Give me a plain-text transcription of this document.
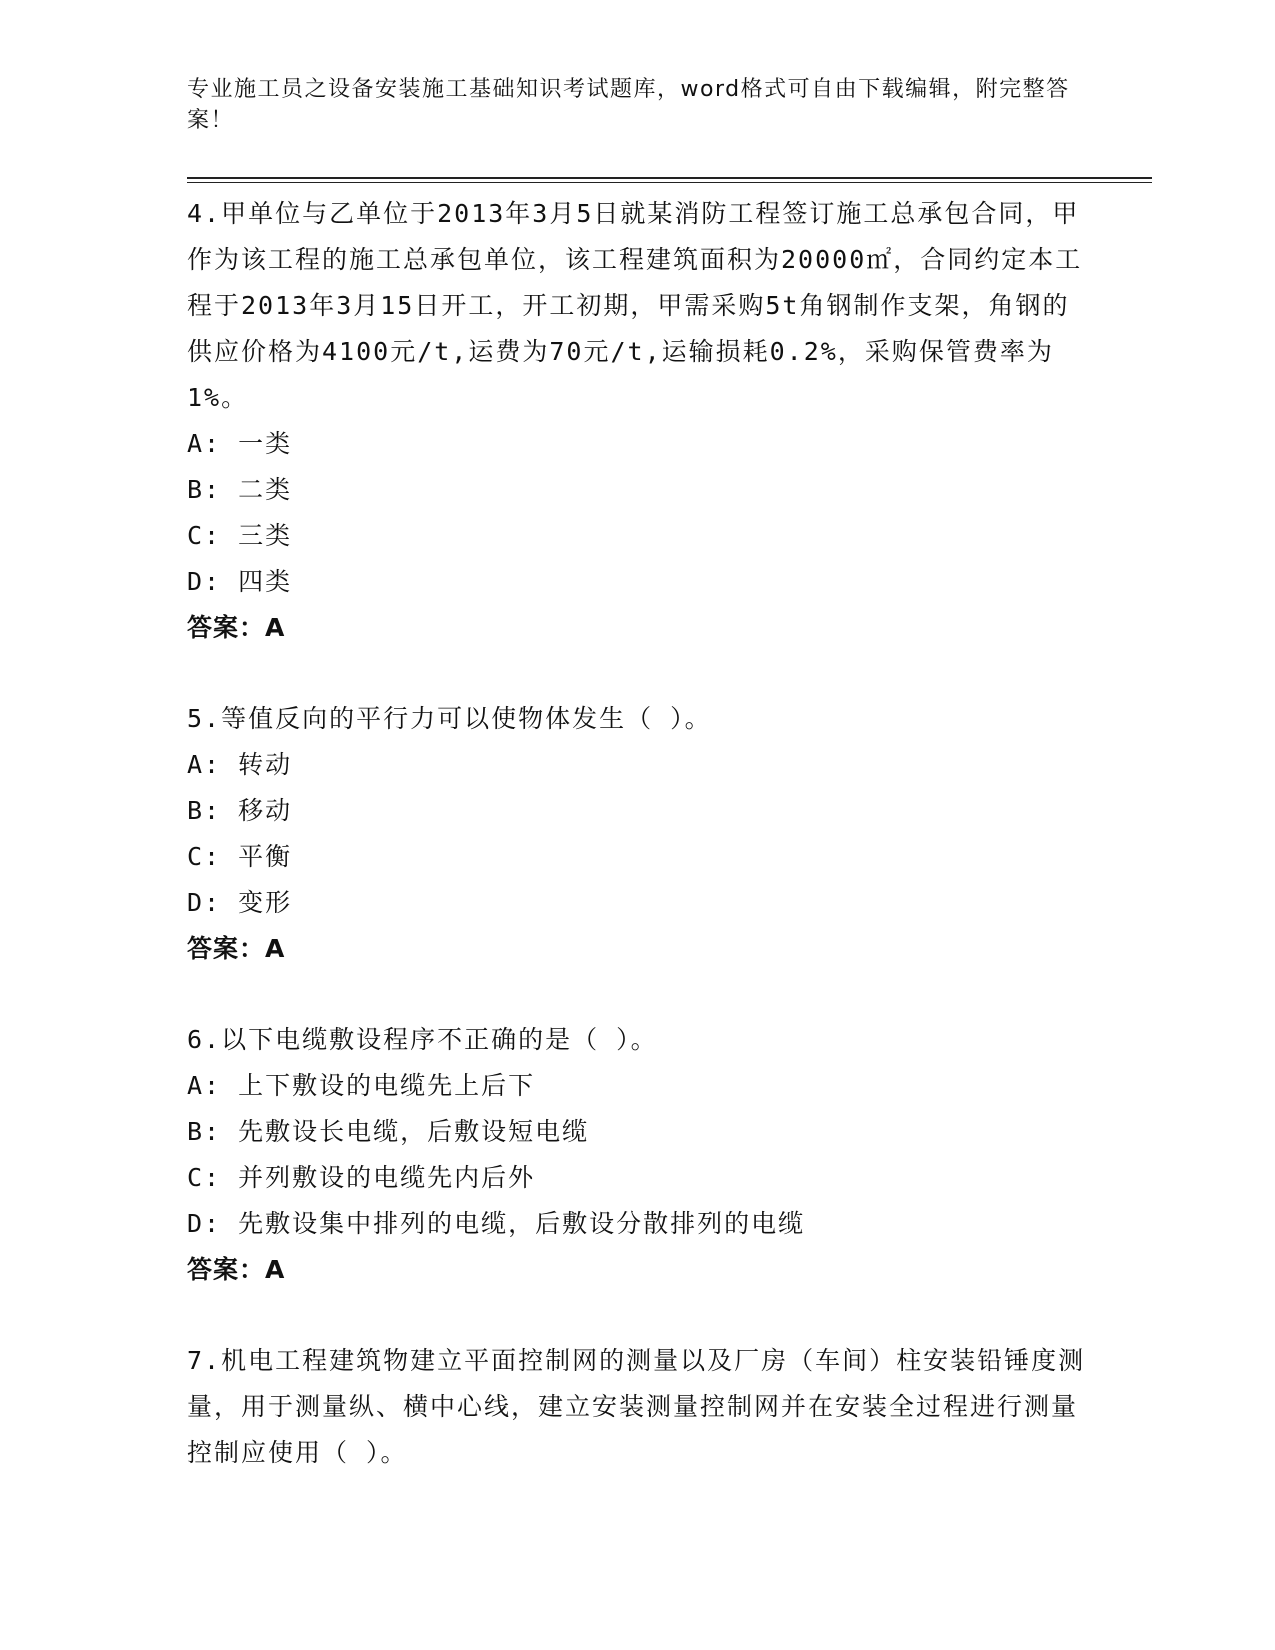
专业施工员之设备安装施工基础知识考试题库，word格式可自由下载编辑，附完整答案！

4.甲单位与乙单位于2013年3月5日就某消防工程签订施工总承包合同，甲作为该工程的施工总承包单位，该工程建筑面积为20000㎡，合同约定本工程于2013年3月15日开工，开工初期，甲需采购5t角钢制作支架，角钢的供应价格为4100元/t,运费为70元/t,运输损耗0.2%，采购保管费率为1%。

A: 一类

B: 二类

C: 三类

D: 四类

答案：A

5.等值反向的平行力可以使物体发生（ ）。

A: 转动

B: 移动

C: 平衡

D: 变形

答案：A

6.以下电缆敷设程序不正确的是（ ）。

A: 上下敷设的电缆先上后下

B: 先敷设长电缆，后敷设短电缆

C: 并列敷设的电缆先内后外

D: 先敷设集中排列的电缆，后敷设分散排列的电缆

答案：A

7.机电工程建筑物建立平面控制网的测量以及厂房（车间）柱安装铅锤度测量，用于测量纵、横中心线，建立安装测量控制网并在安装全过程进行测量控制应使用（ ）。
